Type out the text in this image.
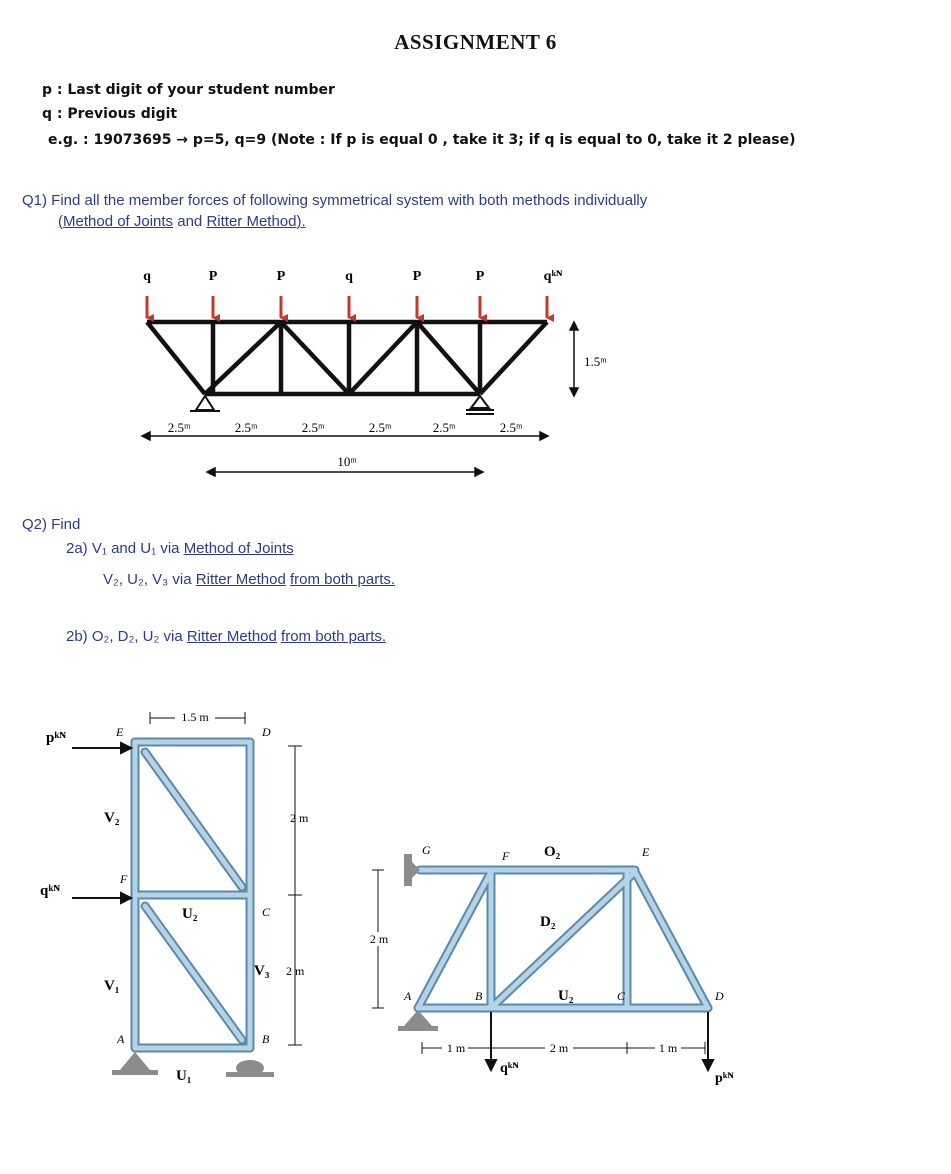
ASSIGNMENT 6
p : Last digit of your student number
q : Previous digit
e.g. : 19073695 → p=5, q=9 (Note : If p is equal 0 , take it 3; if q is equal to 0, take it 2 please)
Q1) Find all the member forces of following symmetrical system with both methods individually
(Method of Joints and Ritter Method).
q	P	P	q	P	P	qᵏᴺ
1.5ᵐ
2.5ᵐ	2.5ᵐ	2.5ᵐ	2.5ᵐ	2.5ᵐ	2.5ᵐ
10ᵐ
Q2) Find
2a) V₁ and U₁ via Method of Joints
V₂, U₂, V₃ via Ritter Method from both parts.
2b) O₂, D₂, U₂ via Ritter Method from both parts.
1.5 m
2 m
2 m
pᵏᴺ
qᵏᴺ
E	D
F
C
A	B
V₂
U₂
V₁
U₁
V₃
2 m
1 m	2 m	1 m
qᵏᴺ
pᵏᴺ
G	F	E
A	B	C	D
O₂
D₂
U₂
